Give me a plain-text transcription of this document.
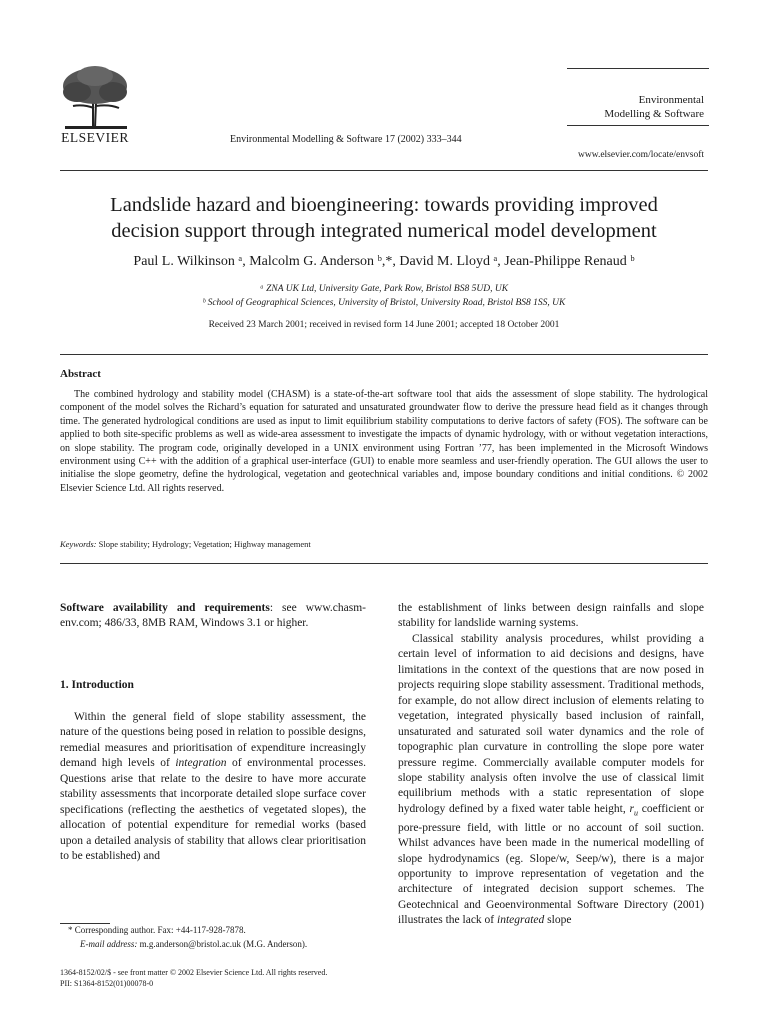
ELSEVIER	Environmental Modelling & Software 17 (2002) 333–344
Environmental
Modelling & Software
www.elsevier.com/locate/envsoft
Landslide hazard and bioengineering: towards providing improved
decision support through integrated numerical model development
Paul L. Wilkinson ᵃ, Malcolm G. Anderson ᵇ,*, David M. Lloyd ᵃ, Jean-Philippe Renaud ᵇ
ᵃ ZNA UK Ltd, University Gate, Park Row, Bristol BS8 5UD, UK
ᵇ School of Geographical Sciences, University of Bristol, University Road, Bristol BS8 1SS, UK
Received 23 March 2001; received in revised form 14 June 2001; accepted 18 October 2001
Abstract
The combined hydrology and stability model (CHASM) is a state-of-the-art software tool that aids the assessment of slope stability. The hydrological component of the model solves the Richard’s equation for saturated and unsaturated groundwater flow to derive the pressure head field as it changes through time. The generated hydrological conditions are used as input to limit equilibrium stability computations to derive factors of safety (FOS). The software can be applied to both site-specific problems as well as wide-area assessment to investigate the impacts of dynamic hydrology, with or without vegetation interactions, on slope stability. The program code, originally developed in a UNIX environment using Fortran ’77, has been implemented in the Microsoft Windows environment using C++ with the addition of a graphical user-interface (GUI) to enable more seamless and user-friendly operation. The GUI allows the user to initialise the slope geometry, define the hydrological, vegetation and geotechnical variables and, impose boundary conditions and initial conditions. © 2002 Elsevier Science Ltd. All rights reserved.
Keywords: Slope stability; Hydrology; Vegetation; Highway management
Software availability and requirements: see www.chasm-env.com; 486/33, 8MB RAM, Windows 3.1 or higher.
1. Introduction
Within the general field of slope stability assessment, the nature of the questions being posed in relation to possible designs, remedial measures and prioritisation of expenditure increasingly demand high levels of integration of environmental processes. Questions arise that relate to the desire to have more accurate stability assessments that incorporate detailed slope surface cover specifications (reflecting the aesthetics of vegetated slopes), the allocation of potential expenditure for remedial works (based upon a detailed analysis of stability that allows clear prioritisation to be established) and

the establishment of links between design rainfalls and slope stability for landslide warning systems.

Classical stability analysis procedures, whilst providing a certain level of information to aid decisions and designs, have limitations in the context of the questions that are now posed in projects requiring slope stability assessment. Traditional methods, for example, do not allow direct inclusion of elements relating to vegetation, integrated physically based inclusion of rainfall, unsaturated and saturated soil water dynamics and the role of topographic plan curvature in controlling the slope pore water pressure regime. Commercially available computer models for slope stability analysis often involve the use of classical limit equilibrium methods with a static representation of slope hydrology defined by a fixed water table height, $r_u$ coefficient or pore-pressure field, with little or no account of soil suction. Whilst advances have been made in the numerical modelling of slope hydrodynamics (eg. Slope/w, Seep/w), there is a major opportunity to improve representation of vegetation and the architecture of integrated decision support schemes. The Geotechnical and Geoenvironmental Software Directory (2001) illustrates the lack of integrated slope

* Corresponding author. Fax: +44-117-928-7878.
E-mail address: m.g.anderson@bristol.ac.uk (M.G. Anderson).
1364-8152/02/$ - see front matter © 2002 Elsevier Science Ltd. All rights reserved.
PII: S1364-8152(01)00078-0
